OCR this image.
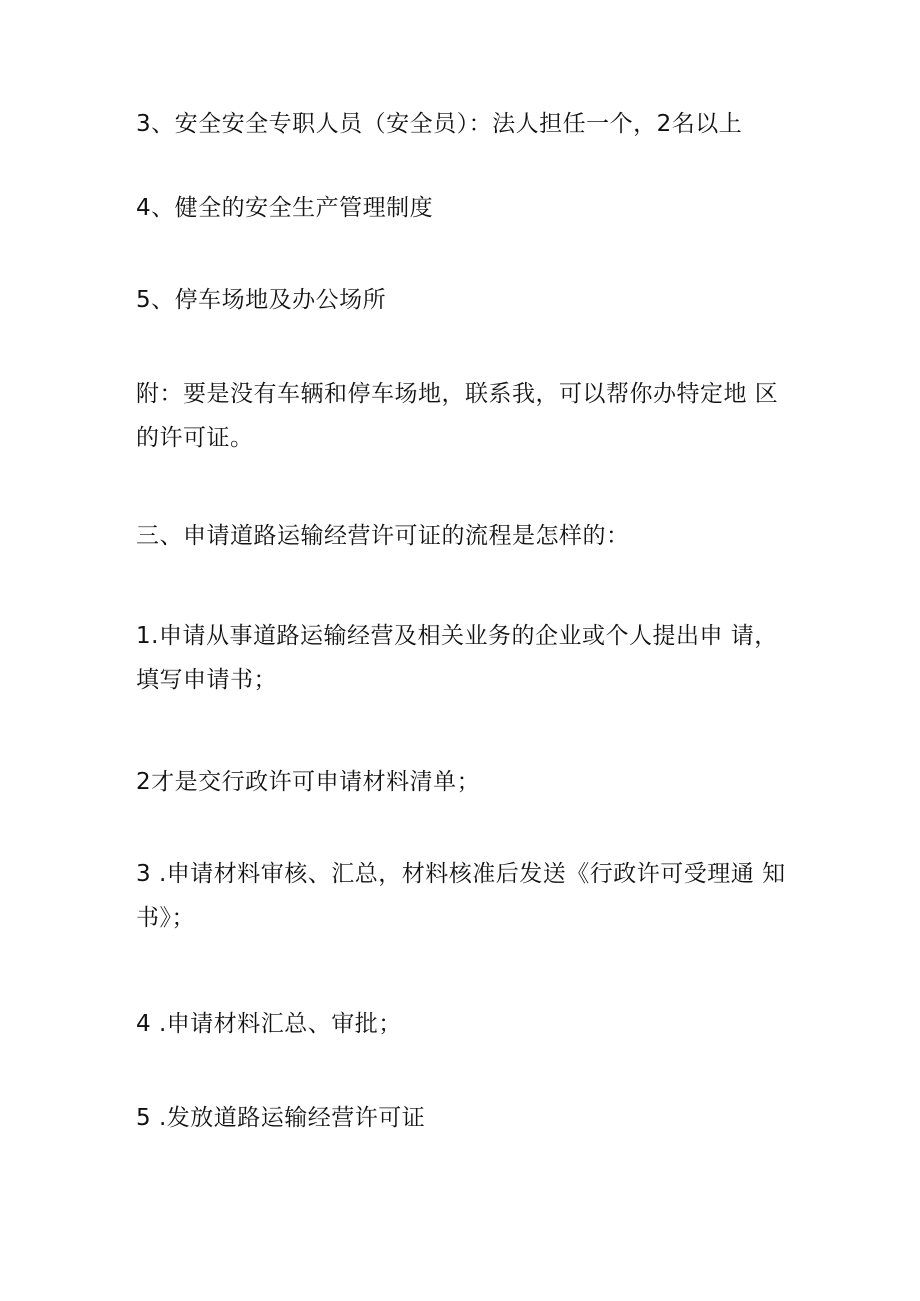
3、安全安全专职人员（安全员）：法人担任一个，2名以上

4、健全的安全生产管理制度

5、停车场地及办公场所

附：要是没有车辆和停车场地，联系我，可以帮你办特定地 区
的许可证。

三、申请道路运输经营许可证的流程是怎样的：

1.申请从事道路运输经营及相关业务的企业或个人提出申 请，
填写申请书；

2才是交行政许可申请材料清单；

3 .申请材料审核、汇总，材料核准后发送《行政许可受理通 知
书》；

4 .申请材料汇总、审批；

5 .发放道路运输经营许可证
